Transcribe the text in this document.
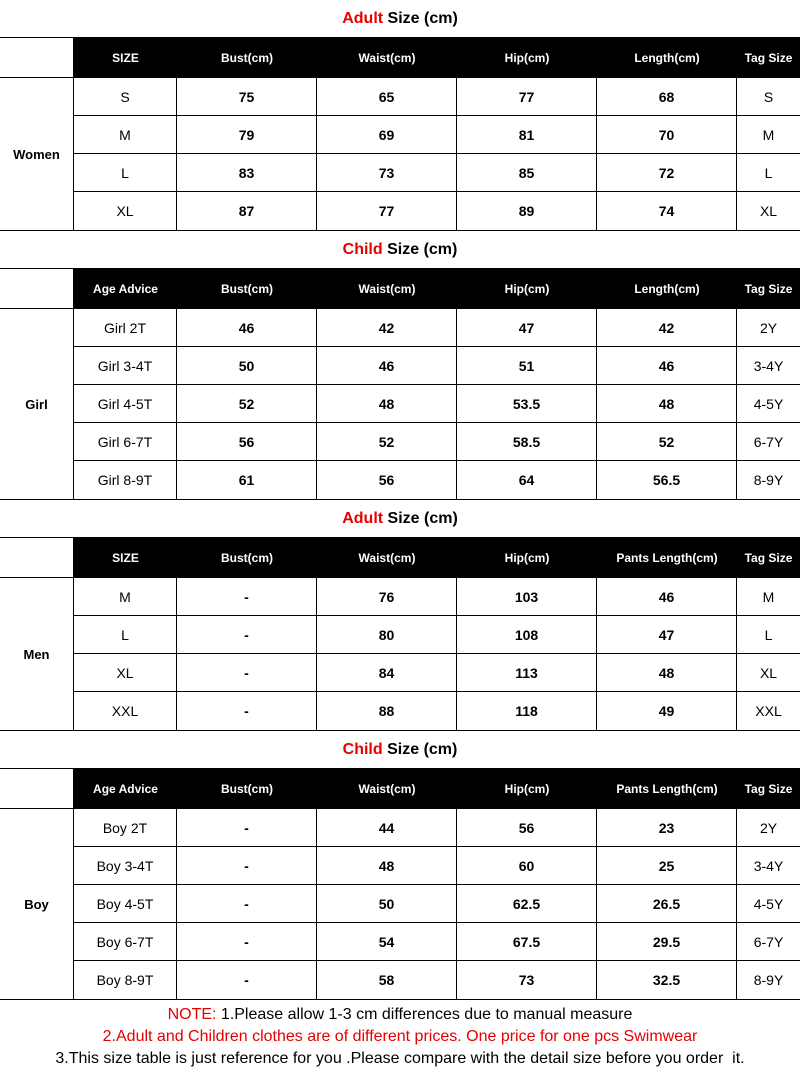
Adult Size (cm)
SIZE	Bust(cm)	Waist(cm)	Hip(cm)	Length(cm)	Tag Size
Women
S	75	65	77	68	S
M	79	69	81	70	M
L	83	73	85	72	L
XL	87	77	89	74	XL
Child Size (cm)
Age Advice	Bust(cm)	Waist(cm)	Hip(cm)	Length(cm)	Tag Size
Girl
Girl 2T	46	42	47	42	2Y
Girl 3-4T	50	46	51	46	3-4Y
Girl 4-5T	52	48	53.5	48	4-5Y
Girl 6-7T	56	52	58.5	52	6-7Y
Girl 8-9T	61	56	64	56.5	8-9Y
Adult Size (cm)
SIZE	Bust(cm)	Waist(cm)	Hip(cm)	Pants Length(cm)	Tag Size
Men
M	-	76	103	46	M
L	-	80	108	47	L
XL	-	84	113	48	XL
XXL	-	88	118	49	XXL
Child Size (cm)
Age Advice	Bust(cm)	Waist(cm)	Hip(cm)	Pants Length(cm)	Tag Size
Boy
Boy 2T	-	44	56	23	2Y
Boy 3-4T	-	48	60	25	3-4Y
Boy 4-5T	-	50	62.5	26.5	4-5Y
Boy 6-7T	-	54	67.5	29.5	6-7Y
Boy 8-9T	-	58	73	32.5	8-9Y
NOTE: 1.Please allow 1-3 cm differences due to manual measure
2.Adult and Children clothes are of different prices. One price for one pcs Swimwear
3.This size table is just reference for you .Please compare with the detail size before you order  it.
